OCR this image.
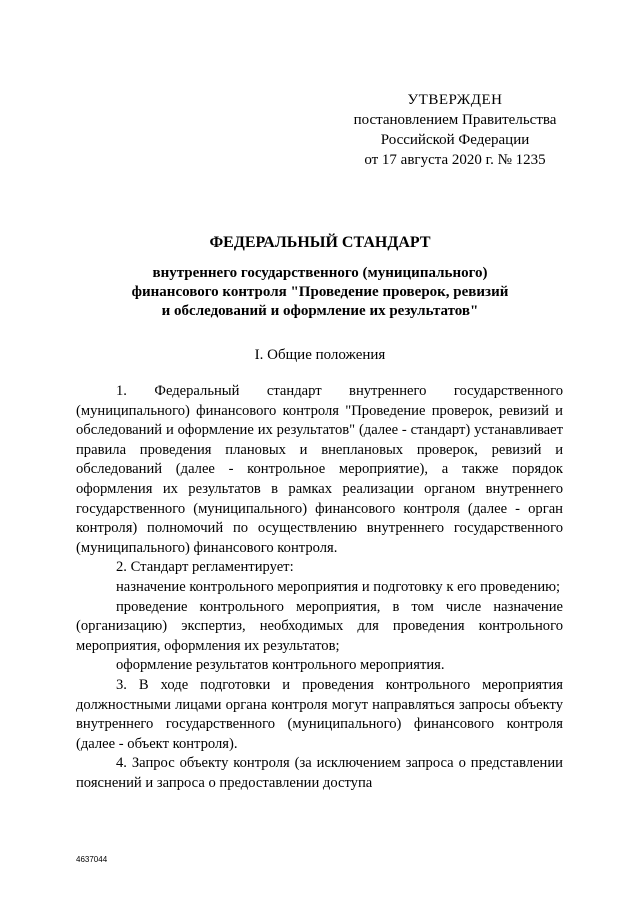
УТВЕРЖДЕН
постановлением Правительства
Российской Федерации
от 17 августа 2020 г. № 1235
ФЕДЕРАЛЬНЫЙ СТАНДАРТ
внутреннего государственного (муниципального)
финансового контроля "Проведение проверок, ревизий
и обследований и оформление их результатов"
I. Общие положения

1. Федеральный стандарт внутреннего государственного (муниципального) финансового контроля "Проведение проверок, ревизий и обследований и оформление их результатов" (далее - стандарт) устанавливает правила проведения плановых и внеплановых проверок, ревизий и обследований (далее - контрольное мероприятие), а также порядок оформления их результатов в рамках реализации органом внутреннего государственного (муниципального) финансового контроля (далее - орган контроля) полномочий по осуществлению внутреннего государственного (муниципального) финансового контроля.

2. Стандарт регламентирует:

назначение контрольного мероприятия и подготовку к его проведению;

проведение контрольного мероприятия, в том числе назначение (организацию) экспертиз, необходимых для проведения контрольного мероприятия, оформления их результатов;

оформление результатов контрольного мероприятия.

3. В ходе подготовки и проведения контрольного мероприятия должностными лицами органа контроля могут направляться запросы объекту внутреннего государственного (муниципального) финансового контроля (далее - объект контроля).

4. Запрос объекту контроля (за исключением запроса о представлении пояснений и запроса о предоставлении доступа

4637044
